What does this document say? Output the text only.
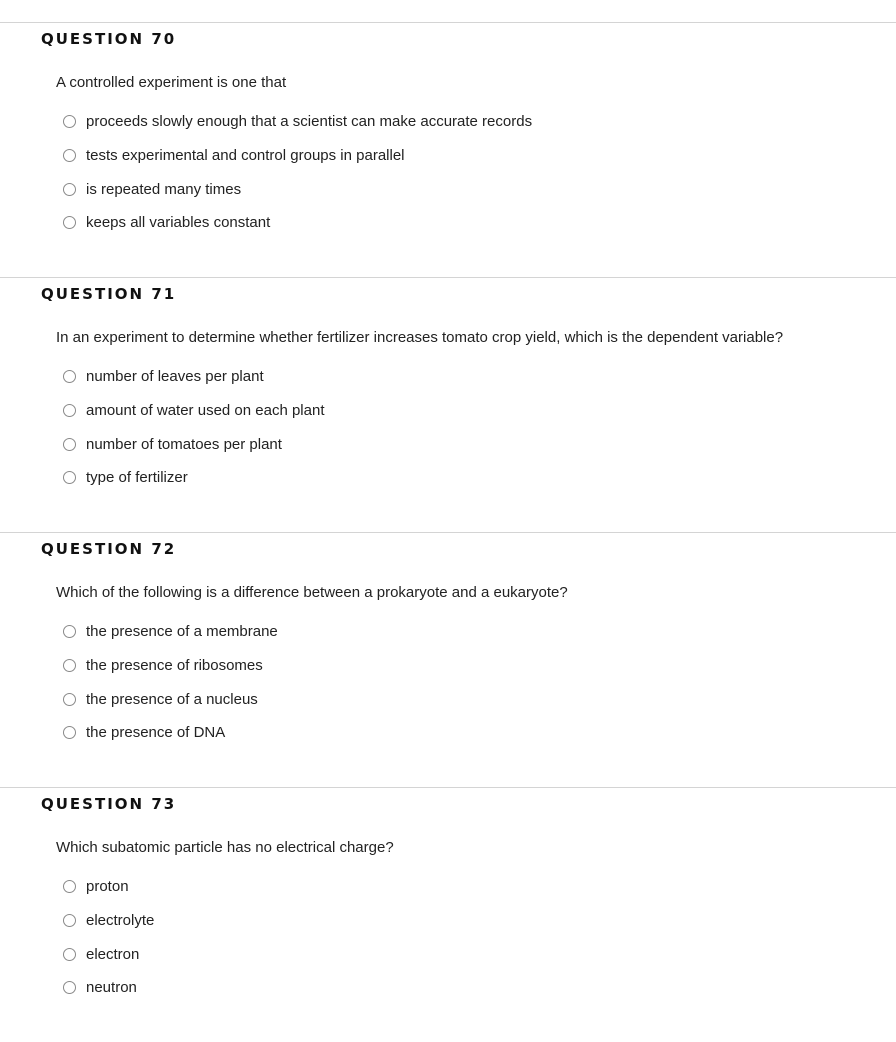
QUESTION 70
A controlled experiment is one that
proceeds slowly enough that a scientist can make accurate records
tests experimental and control groups in parallel
is repeated many times
keeps all variables constant
QUESTION 71
In an experiment to determine whether fertilizer increases tomato crop yield, which is the dependent variable?
number of leaves per plant
amount of water used on each plant
number of tomatoes per plant
type of fertilizer
QUESTION 72
Which of the following is a difference between a prokaryote and a eukaryote?
the presence of a membrane
the presence of ribosomes
the presence of a nucleus
the presence of DNA
QUESTION 73
Which subatomic particle has no electrical charge?
proton
electrolyte
electron
neutron
